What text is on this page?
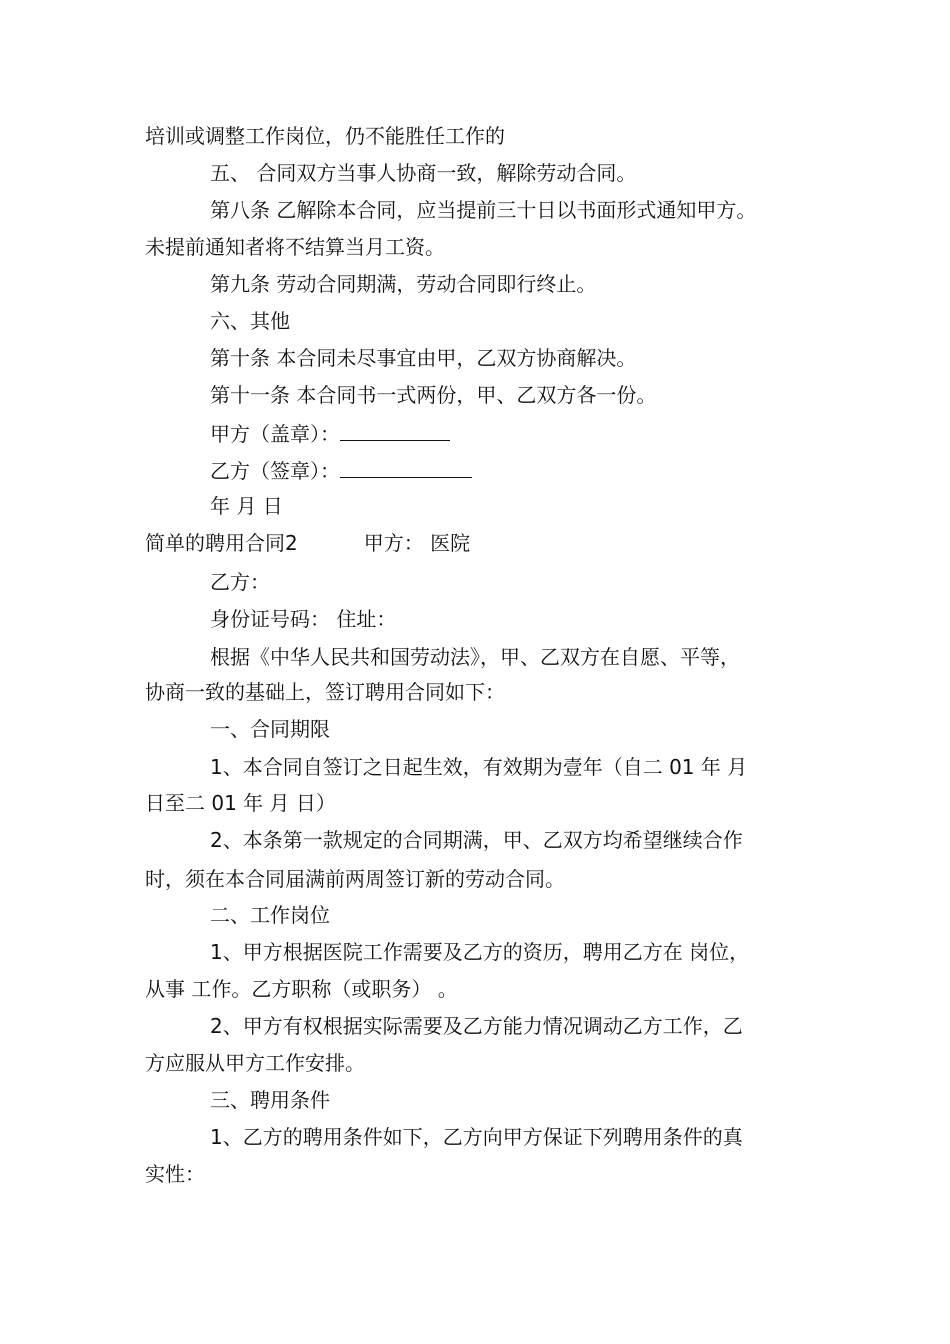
培训或调整工作岗位，仍不能胜任工作的
五、 合同双方当事人协商一致，解除劳动合同。
第八条 乙解除本合同，应当提前三十日以书面形式通知甲方。
未提前通知者将不结算当月工资。
第九条 劳动合同期满，劳动合同即行终止。
六、其他
第十条 本合同未尽事宜由甲，乙双方协商解决。
第十一条 本合同书一式两份，甲、乙双方各一份。
甲方（盖章）：
乙方（签章）：
年 月 日
简单的聘用合同2	甲方： 医院
乙方：
身份证号码： 住址：
根据《中华人民共和国劳动法》，甲、乙双方在自愿、平等，
协商一致的基础上，签订聘用合同如下：
一、合同期限
1、本合同自签订之日起生效，有效期为壹年（自二 01 年 月
日至二 01 年 月 日）
2、本条第一款规定的合同期满，甲、乙双方均希望继续合作
时，须在本合同届满前两周签订新的劳动合同。
二、工作岗位
1、甲方根据医院工作需要及乙方的资历，聘用乙方在 岗位，
从事 工作。乙方职称（或职务） 。
2、甲方有权根据实际需要及乙方能力情况调动乙方工作，乙
方应服从甲方工作安排。
三、聘用条件
1、乙方的聘用条件如下，乙方向甲方保证下列聘用条件的真
实性：
